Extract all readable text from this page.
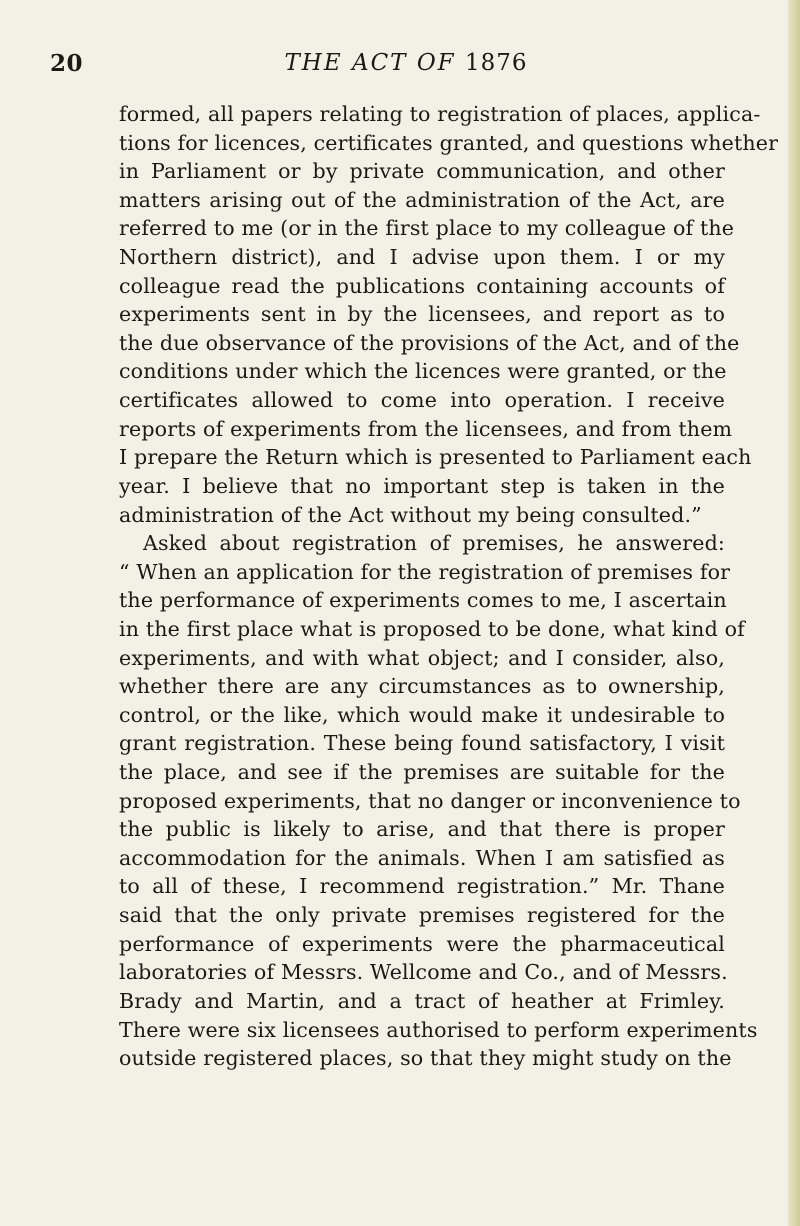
20	THE ACT OF 1876
formed, all papers relating to registration of places, applica-
tions for licences, certificates granted, and questions whether
in Parliament or by private communication, and other
matters arising out of the administration of the Act, are
referred to me (or in the first place to my colleague of the
Northern district), and I advise upon them. I or my
colleague read the publications containing accounts of
experiments sent in by the licensees, and report as to
the due observance of the provisions of the Act, and of the
conditions under which the licences were granted, or the
certificates allowed to come into operation. I receive
reports of experiments from the licensees, and from them
I prepare the Return which is presented to Parliament each
year. I believe that no important step is taken in the
administration of the Act without my being consulted.”
Asked about registration of premises, he answered:
“ When an application for the registration of premises for
the performance of experiments comes to me, I ascertain
in the first place what is proposed to be done, what kind of
experiments, and with what object; and I consider, also,
whether there are any circumstances as to ownership,
control, or the like, which would make it undesirable to
grant registration. These being found satisfactory, I visit
the place, and see if the premises are suitable for the
proposed experiments, that no danger or inconvenience to
the public is likely to arise, and that there is proper
accommodation for the animals. When I am satisfied as
to all of these, I recommend registration.” Mr. Thane
said that the only private premises registered for the
performance of experiments were the pharmaceutical
laboratories of Messrs. Wellcome and Co., and of Messrs.
Brady and Martin, and a tract of heather at Frimley.
There were six licensees authorised to perform experiments
outside registered places, so that they might study on the
